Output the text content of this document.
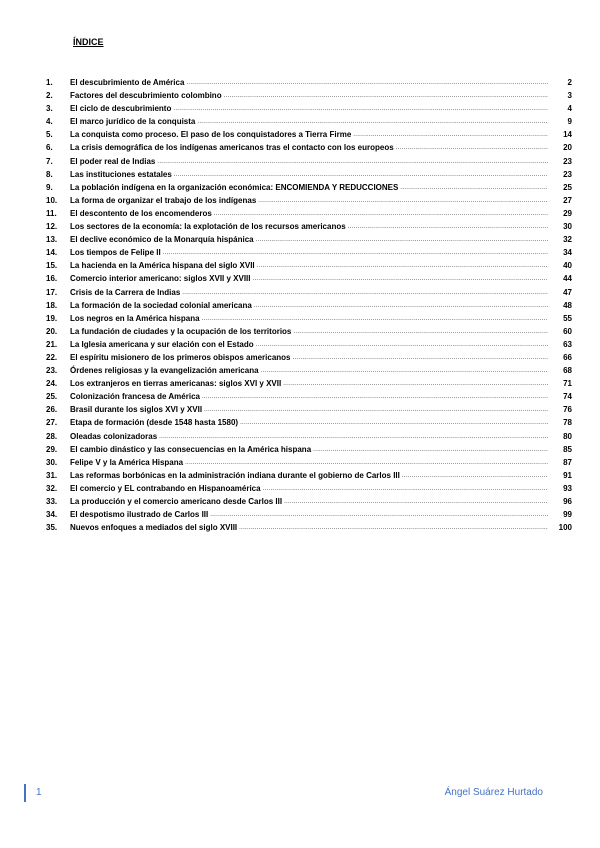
ÍNDICE
1.	El descubrimiento de América .....	2
2.	Factores del descubrimiento colombino .....	3
3.	El ciclo de descubrimiento .....	4
4.	El marco jurídico de la conquista .....	9
5.	La conquista como proceso. El paso de los conquistadores a Tierra Firme .....	14
6.	La crisis demográfica de los indígenas americanos tras el contacto con los europeos .....	20
7.	El poder real de Indias .....	23
8.	Las instituciones estatales .....	23
9.	La población indígena en la organización económica: ENCOMIENDA Y REDUCCIONES .....	25
10.	La forma de organizar el trabajo de los indígenas .....	27
11.	El descontento de los encomenderos .....	29
12.	Los sectores de la economía: la explotación de los recursos americanos .....	30
13.	El declive económico de la Monarquía hispánica .....	32
14.	Los tiempos de Felipe II .....	34
15.	La hacienda en la América hispana del siglo XVII .....	40
16.	Comercio interior americano: siglos XVII y XVIII .....	44
17.	Crisis de la Carrera de Indias .....	47
18.	La formación de la sociedad colonial americana .....	48
19.	Los negros en la América hispana .....	55
20.	La fundación de ciudades y la ocupación de los territorios .....	60
21.	La Iglesia americana y sur elación con el Estado .....	63
22.	El espíritu misionero de los primeros obispos americanos .....	66
23.	Órdenes religiosas y la evangelización americana .....	68
24.	Los extranjeros en tierras americanas: siglos XVI y XVII .....	71
25.	Colonización francesa de América .....	74
26.	Brasil durante los siglos XVI y XVII .....	76
27.	Etapa de formación (desde 1548 hasta 1580) .....	78
28.	Oleadas colonizadoras .....	80
29.	El cambio dinástico y las consecuencias en la América hispana .....	85
30.	Felipe V y la América Hispana .....	87
31.	Las reformas borbónicas en la administración indiana durante el gobierno de Carlos III .....	91
32.	El comercio y EL contrabando en Hispanoamérica .....	93
33.	La producción y el comercio americano desde Carlos III .....	96
34.	El despotismo ilustrado de Carlos III .....	99
35.	Nuevos enfoques a mediados del siglo XVIII .....	100
1	Ángel Suárez Hurtado
